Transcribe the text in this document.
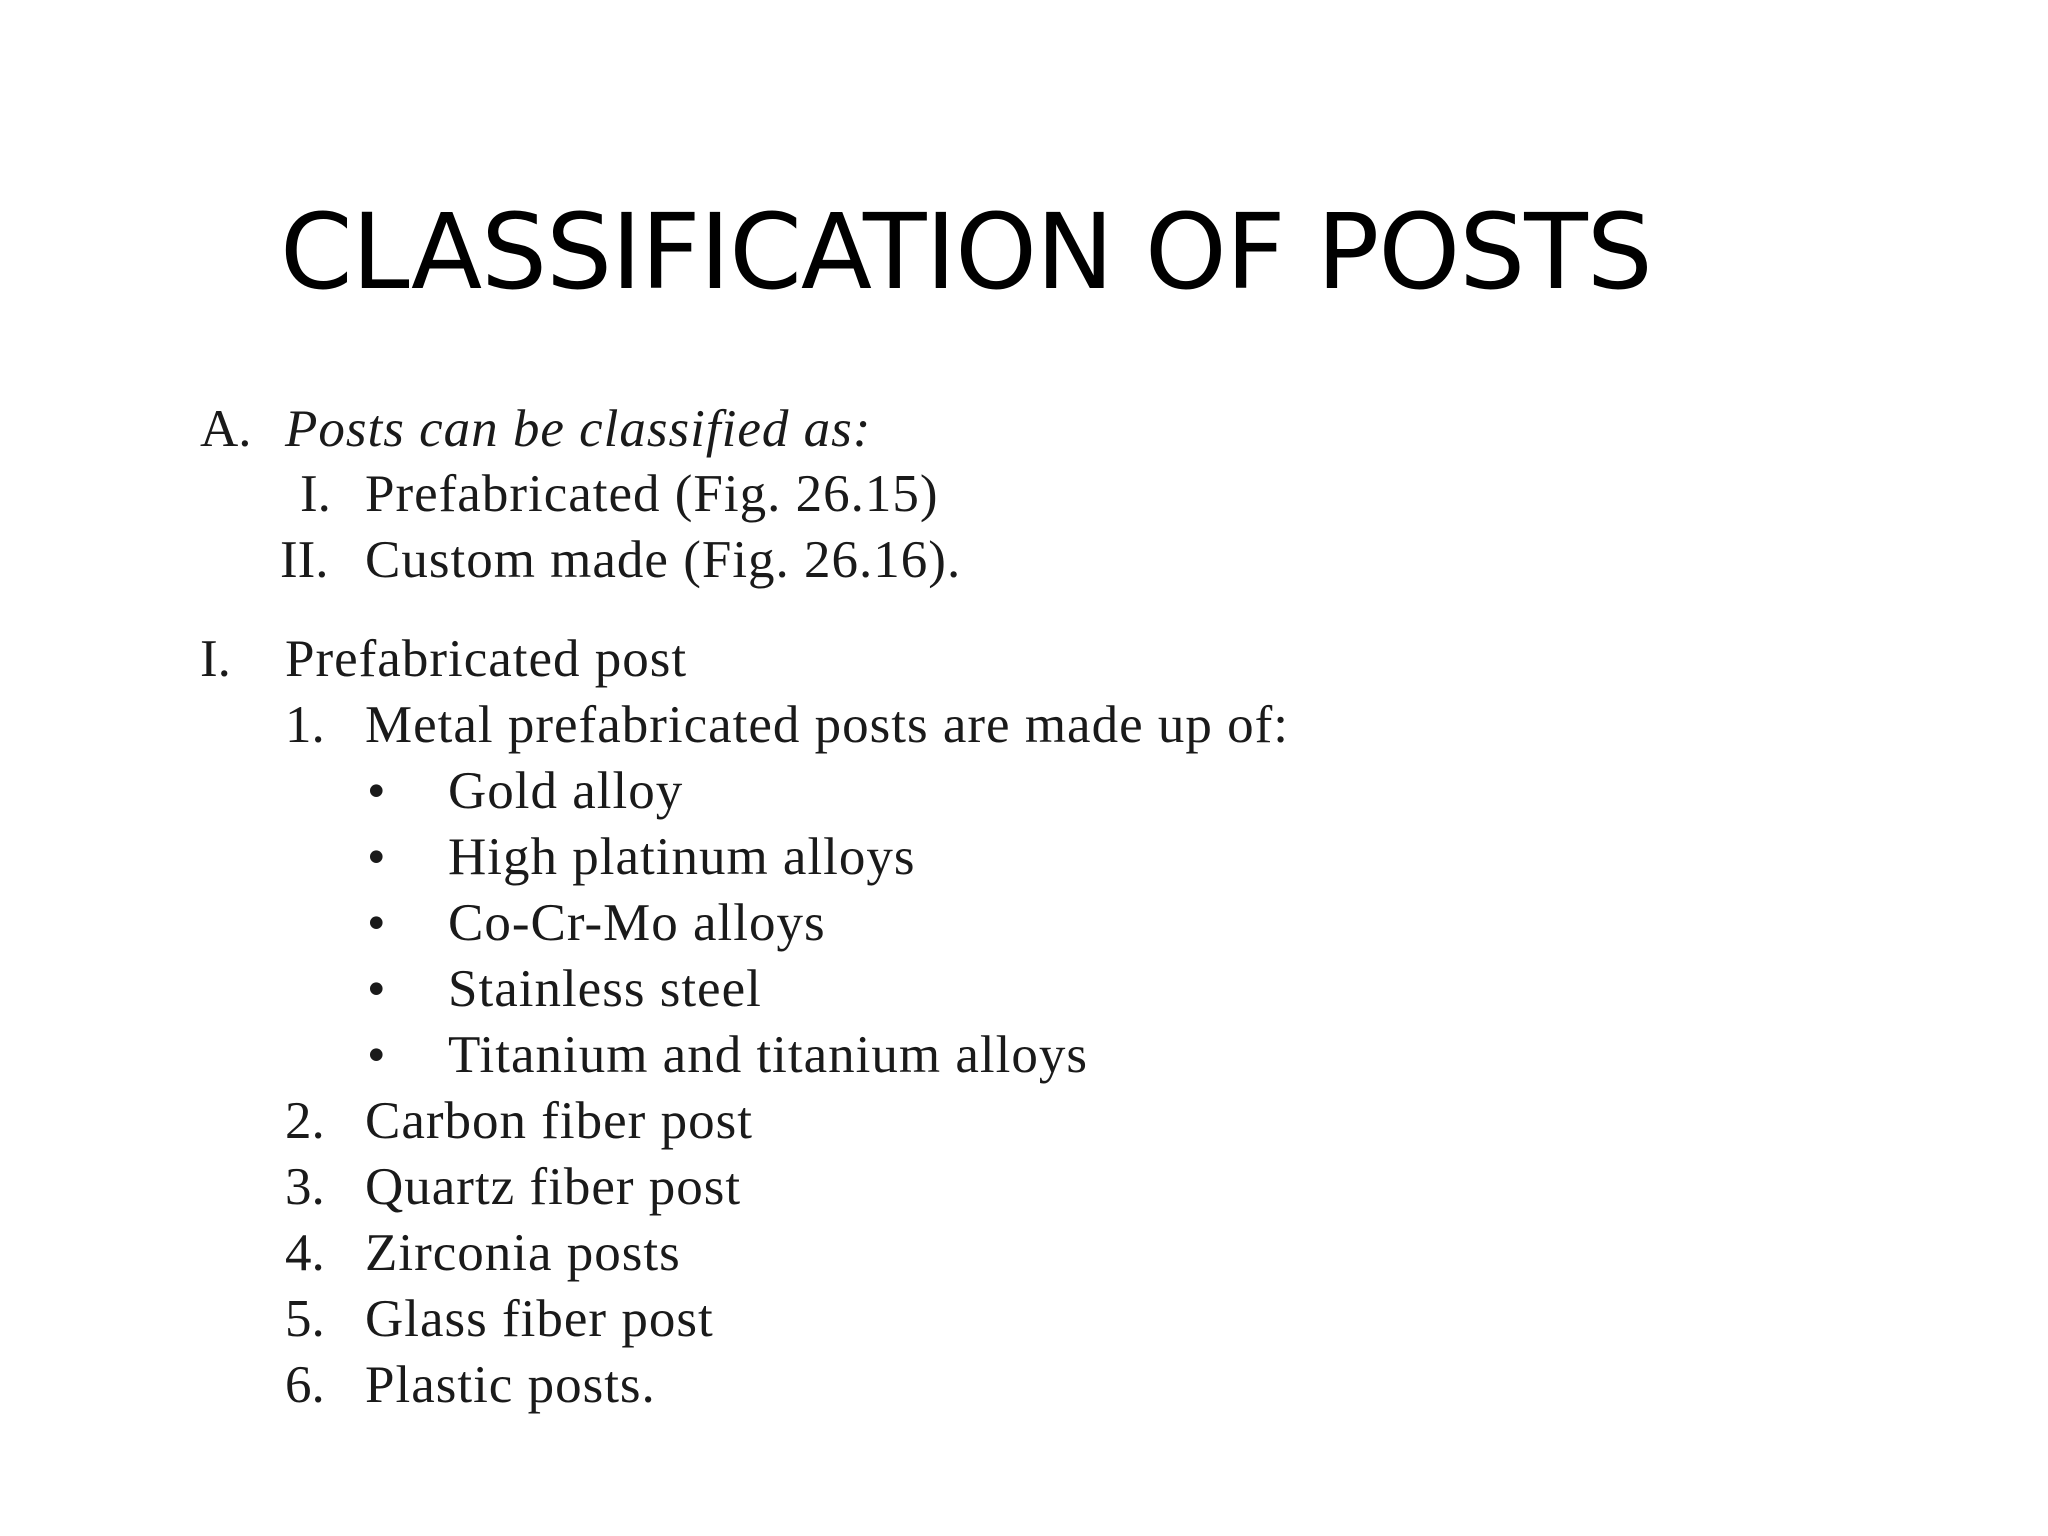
CLASSIFICATION OF POSTS
A. Posts can be classified as:
I. Prefabricated (Fig. 26.15)
II. Custom made (Fig. 26.16).
I. Prefabricated post
1. Metal prefabricated posts are made up of:
• Gold alloy
• High platinum alloys
• Co-Cr-Mo alloys
• Stainless steel
• Titanium and titanium alloys
2. Carbon fiber post
3. Quartz fiber post
4. Zirconia posts
5. Glass fiber post
6. Plastic posts.
